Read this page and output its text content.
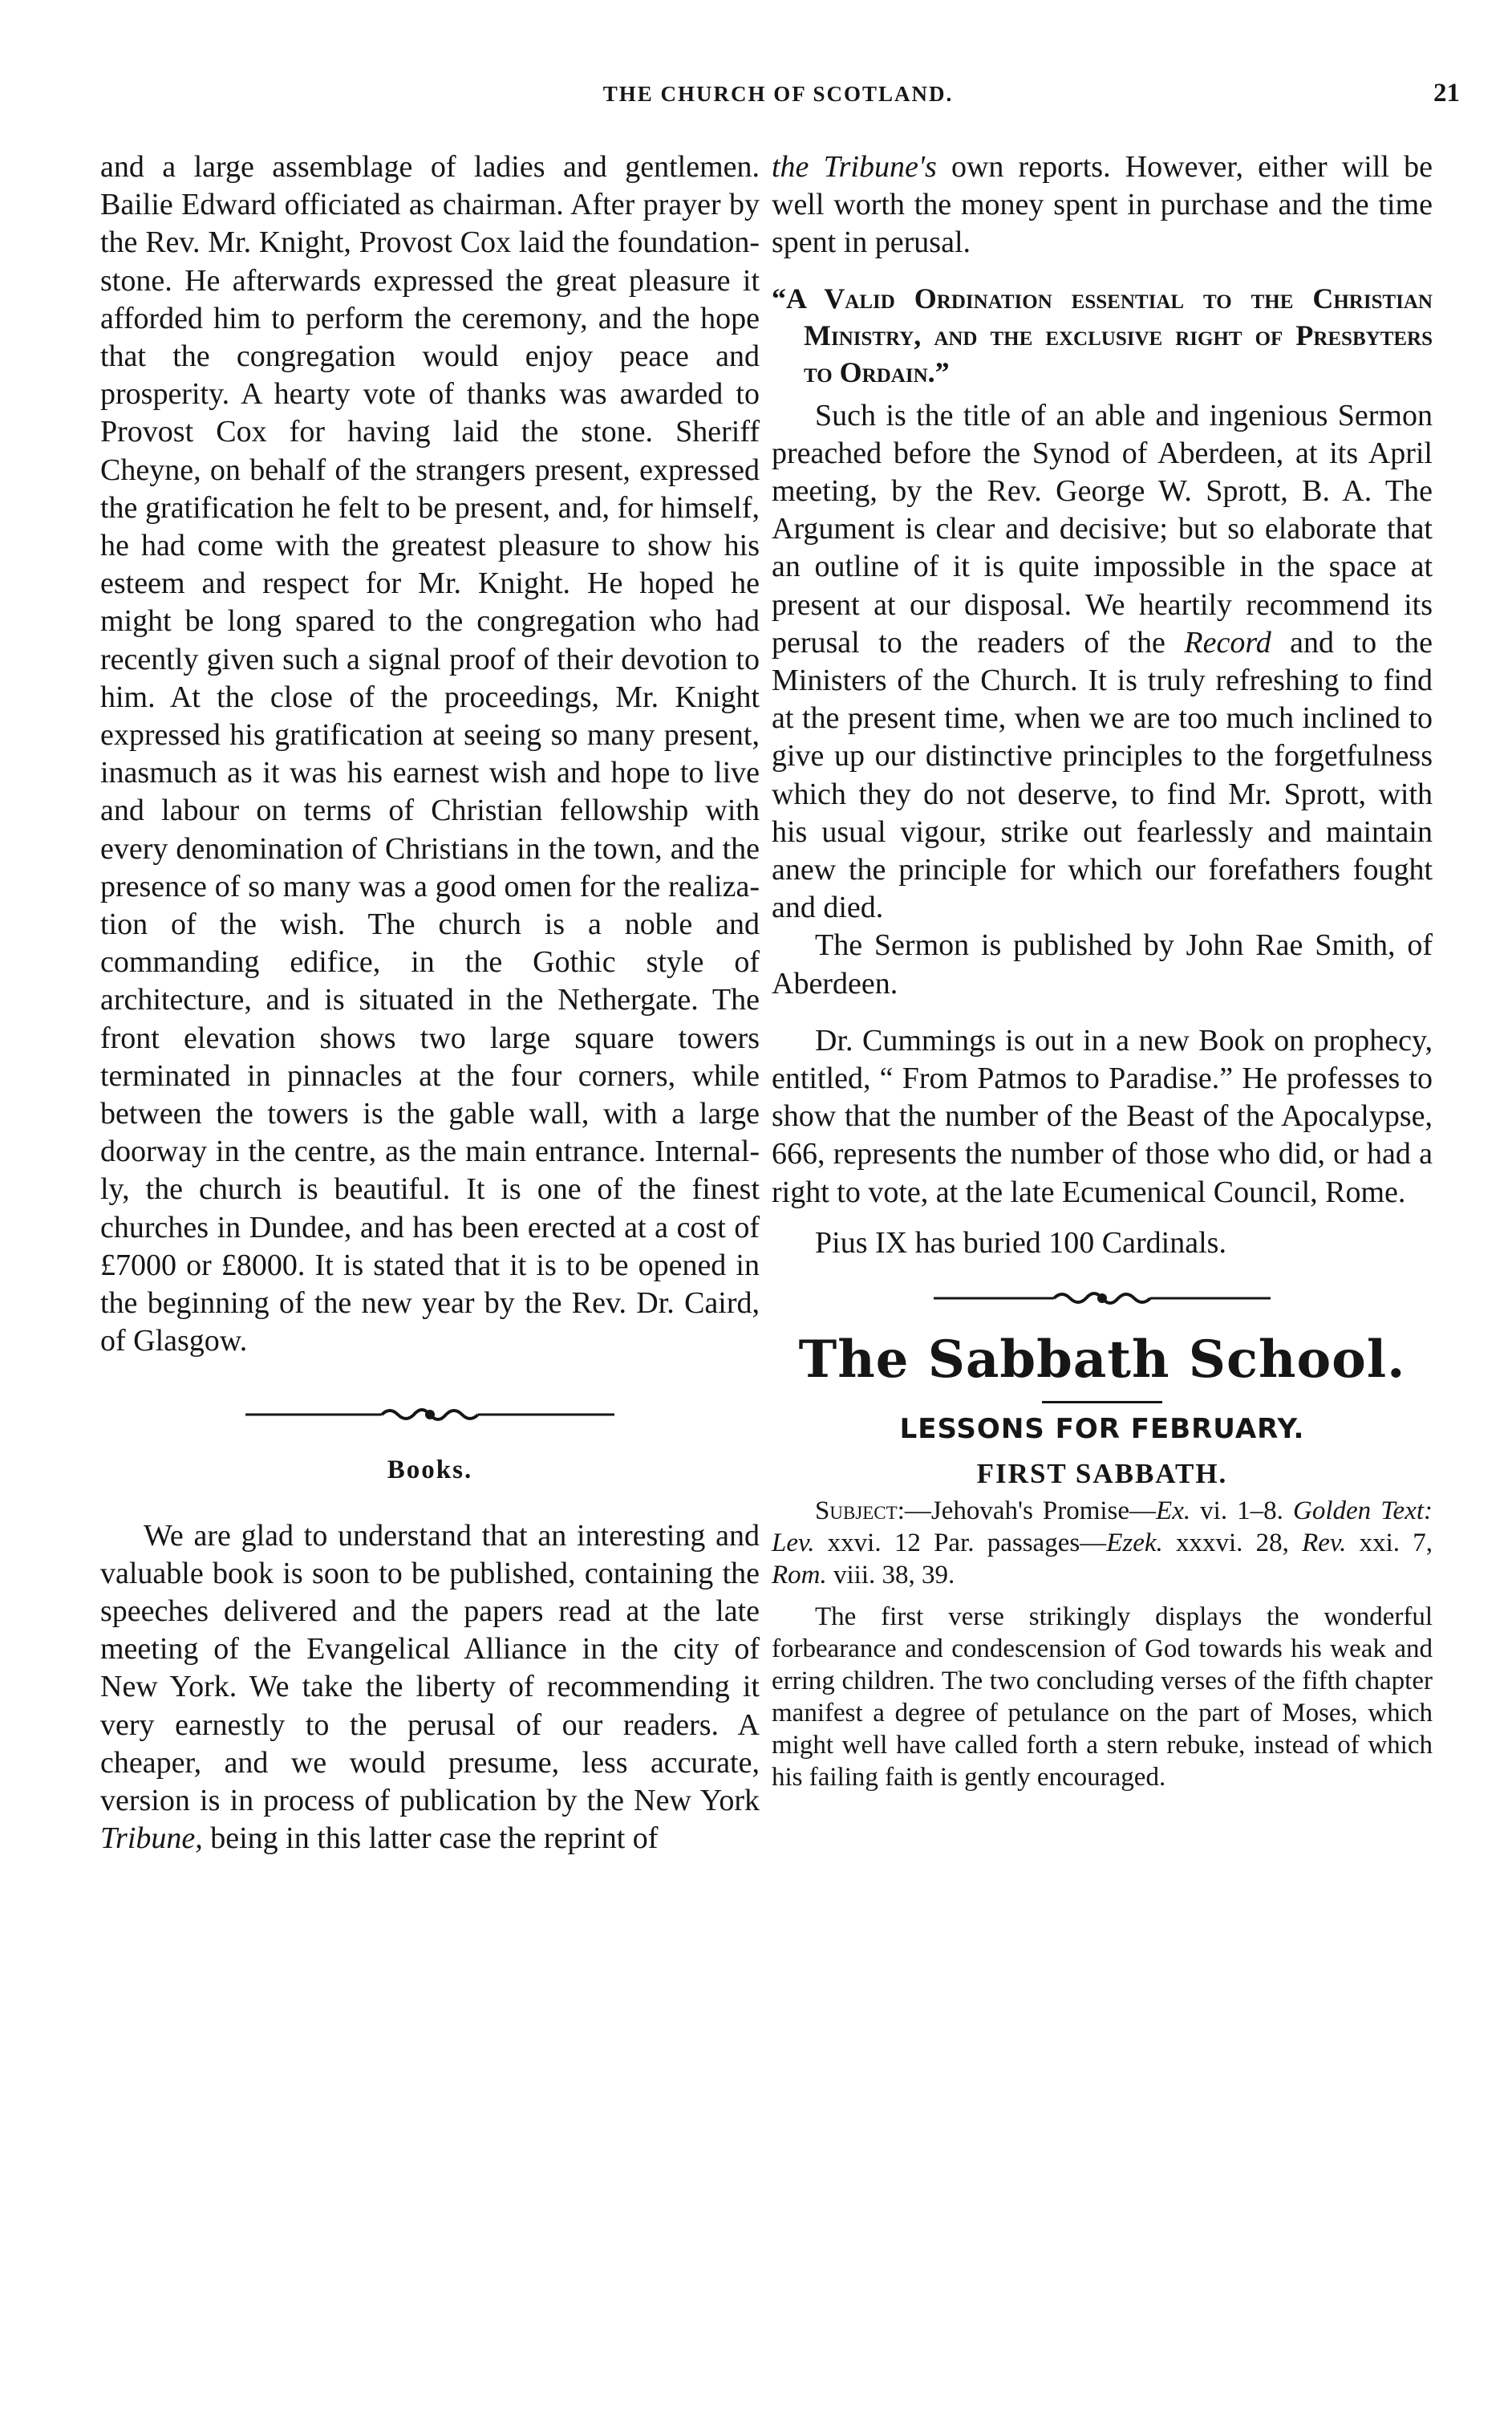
THE CHURCH OF SCOTLAND.	21

and a large assemblage of ladies and gentlemen. Bailie Edward officiated as chairman. After prayer by the Rev. Mr. Knight, Provost Cox laid the foundation-stone. He afterwards expressed the great pleasure it afforded him to perform the ceremony, and the hope that the congregation would enjoy peace and prosperity. A hearty vote of thanks was awarded to Provost Cox for having laid the stone. Sheriff Cheyne, on behalf of the strangers present, expressed the gratification he felt to be present, and, for himself, he had come with the greatest pleasure to show his esteem and respect for Mr. Knight. He hoped he might be long spared to the congregation who had recently given such a signal proof of their devotion to him. At the close of the proceedings, Mr. Knight expressed his gratification at seeing so many present, inasmuch as it was his earnest wish and hope to live and labour on terms of Christian fellowship with every denomination of Christians in the town, and the presence of so many was a good omen for the realization of the wish. The church is a noble and commanding edifice, in the Gothic style of architecture, and is situated in the Nethergate. The front elevation shows two large square towers terminated in pinnacles at the four corners, while between the towers is the gable wall, with a large doorway in the centre, as the main entrance. Internally, the church is beautiful. It is one of the finest churches in Dundee, and has been erected at a cost of £7000 or £8000. It is stated that it is to be opened in the beginning of the new year by the Rev. Dr. Caird, of Glasgow.

Books.

We are glad to understand that an interesting and valuable book is soon to be published, containing the speeches delivered and the papers read at the late meeting of the Evangelical Alliance in the city of New York. We take the liberty of recommending it very earnestly to the perusal of our readers. A cheaper, and we would presume, less accurate, version is in process of publication by the New York Tribune, being in this latter case the reprint of

the Tribune's own reports. However, either will be well worth the money spent in purchase and the time spent in perusal.

“A Valid Ordination essential to the Christian Ministry, and the exclusive right of Presbyters to Ordain.”

Such is the title of an able and ingenious Sermon preached before the Synod of Aberdeen, at its April meeting, by the Rev. George W. Sprott, B. A. The Argument is clear and decisive; but so elaborate that an outline of it is quite impossible in the space at present at our disposal. We heartily recommend its perusal to the readers of the Record and to the Ministers of the Church. It is truly refreshing to find at the present time, when we are too much inclined to give up our distinctive principles to the forgetfulness which they do not deserve, to find Mr. Sprott, with his usual vigour, strike out fearlessly and maintain anew the principle for which our forefathers fought and died.

The Sermon is published by John Rae Smith, of Aberdeen.

Dr. Cummings is out in a new Book on prophecy, entitled, “ From Patmos to Paradise.” He professes to show that the number of the Beast of the Apocalypse, 666, represents the number of those who did, or had a right to vote, at the late Ecumenical Council, Rome.

Pius IX has buried 100 Cardinals.

The Sabbath School.
LESSONS FOR FEBRUARY.
FIRST SABBATH.

Subject:—Jehovah's Promise—Ex. vi. 1–8. Golden Text: Lev. xxvi. 12 Par. passages—Ezek. xxxvi. 28, Rev. xxi. 7, Rom. viii. 38, 39.

The first verse strikingly displays the wonderful forbearance and condescension of God towards his weak and erring children. The two concluding verses of the fifth chapter manifest a degree of petulance on the part of Moses, which might well have called forth a stern rebuke, instead of which his failing faith is gently encouraged.
